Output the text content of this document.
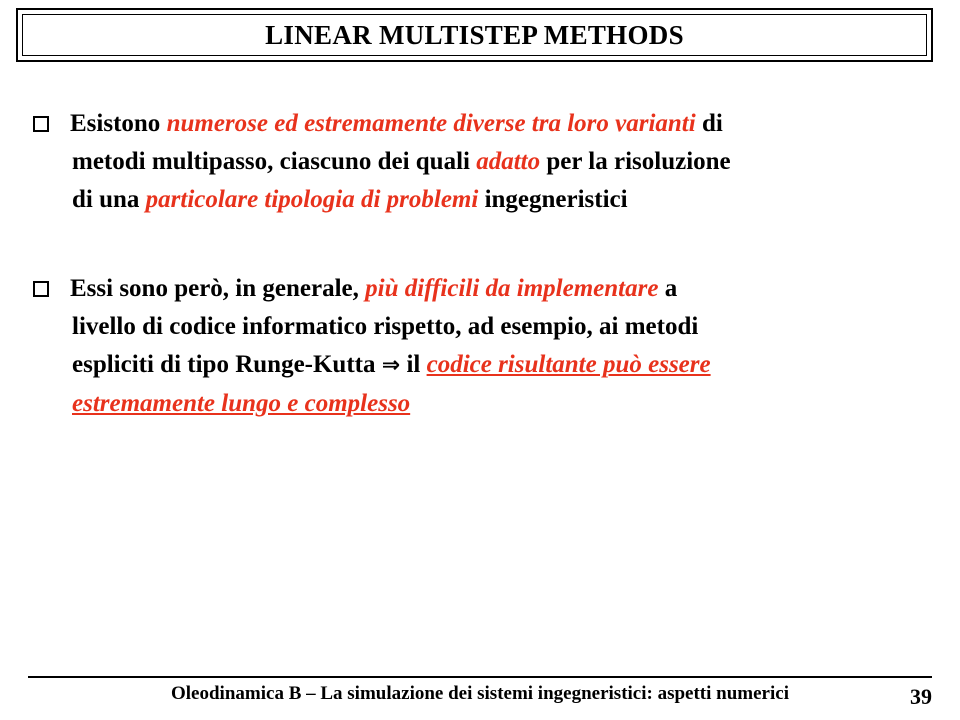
LINEAR MULTISTEP METHODS
Esistono numerose ed estremamente diverse tra loro varianti di
metodi multipasso, ciascuno dei quali adatto per la risoluzione
di una particolare tipologia di problemi ingegneristici
Essi sono però, in generale, più difficili da implementare a
livello di codice informatico rispetto, ad esempio, ai metodi
espliciti di tipo Runge-Kutta ⇒ il codice risultante può essere
estremamente lungo e complesso
Oleodinamica B – La simulazione dei sistemi ingegneristici: aspetti numerici	39
